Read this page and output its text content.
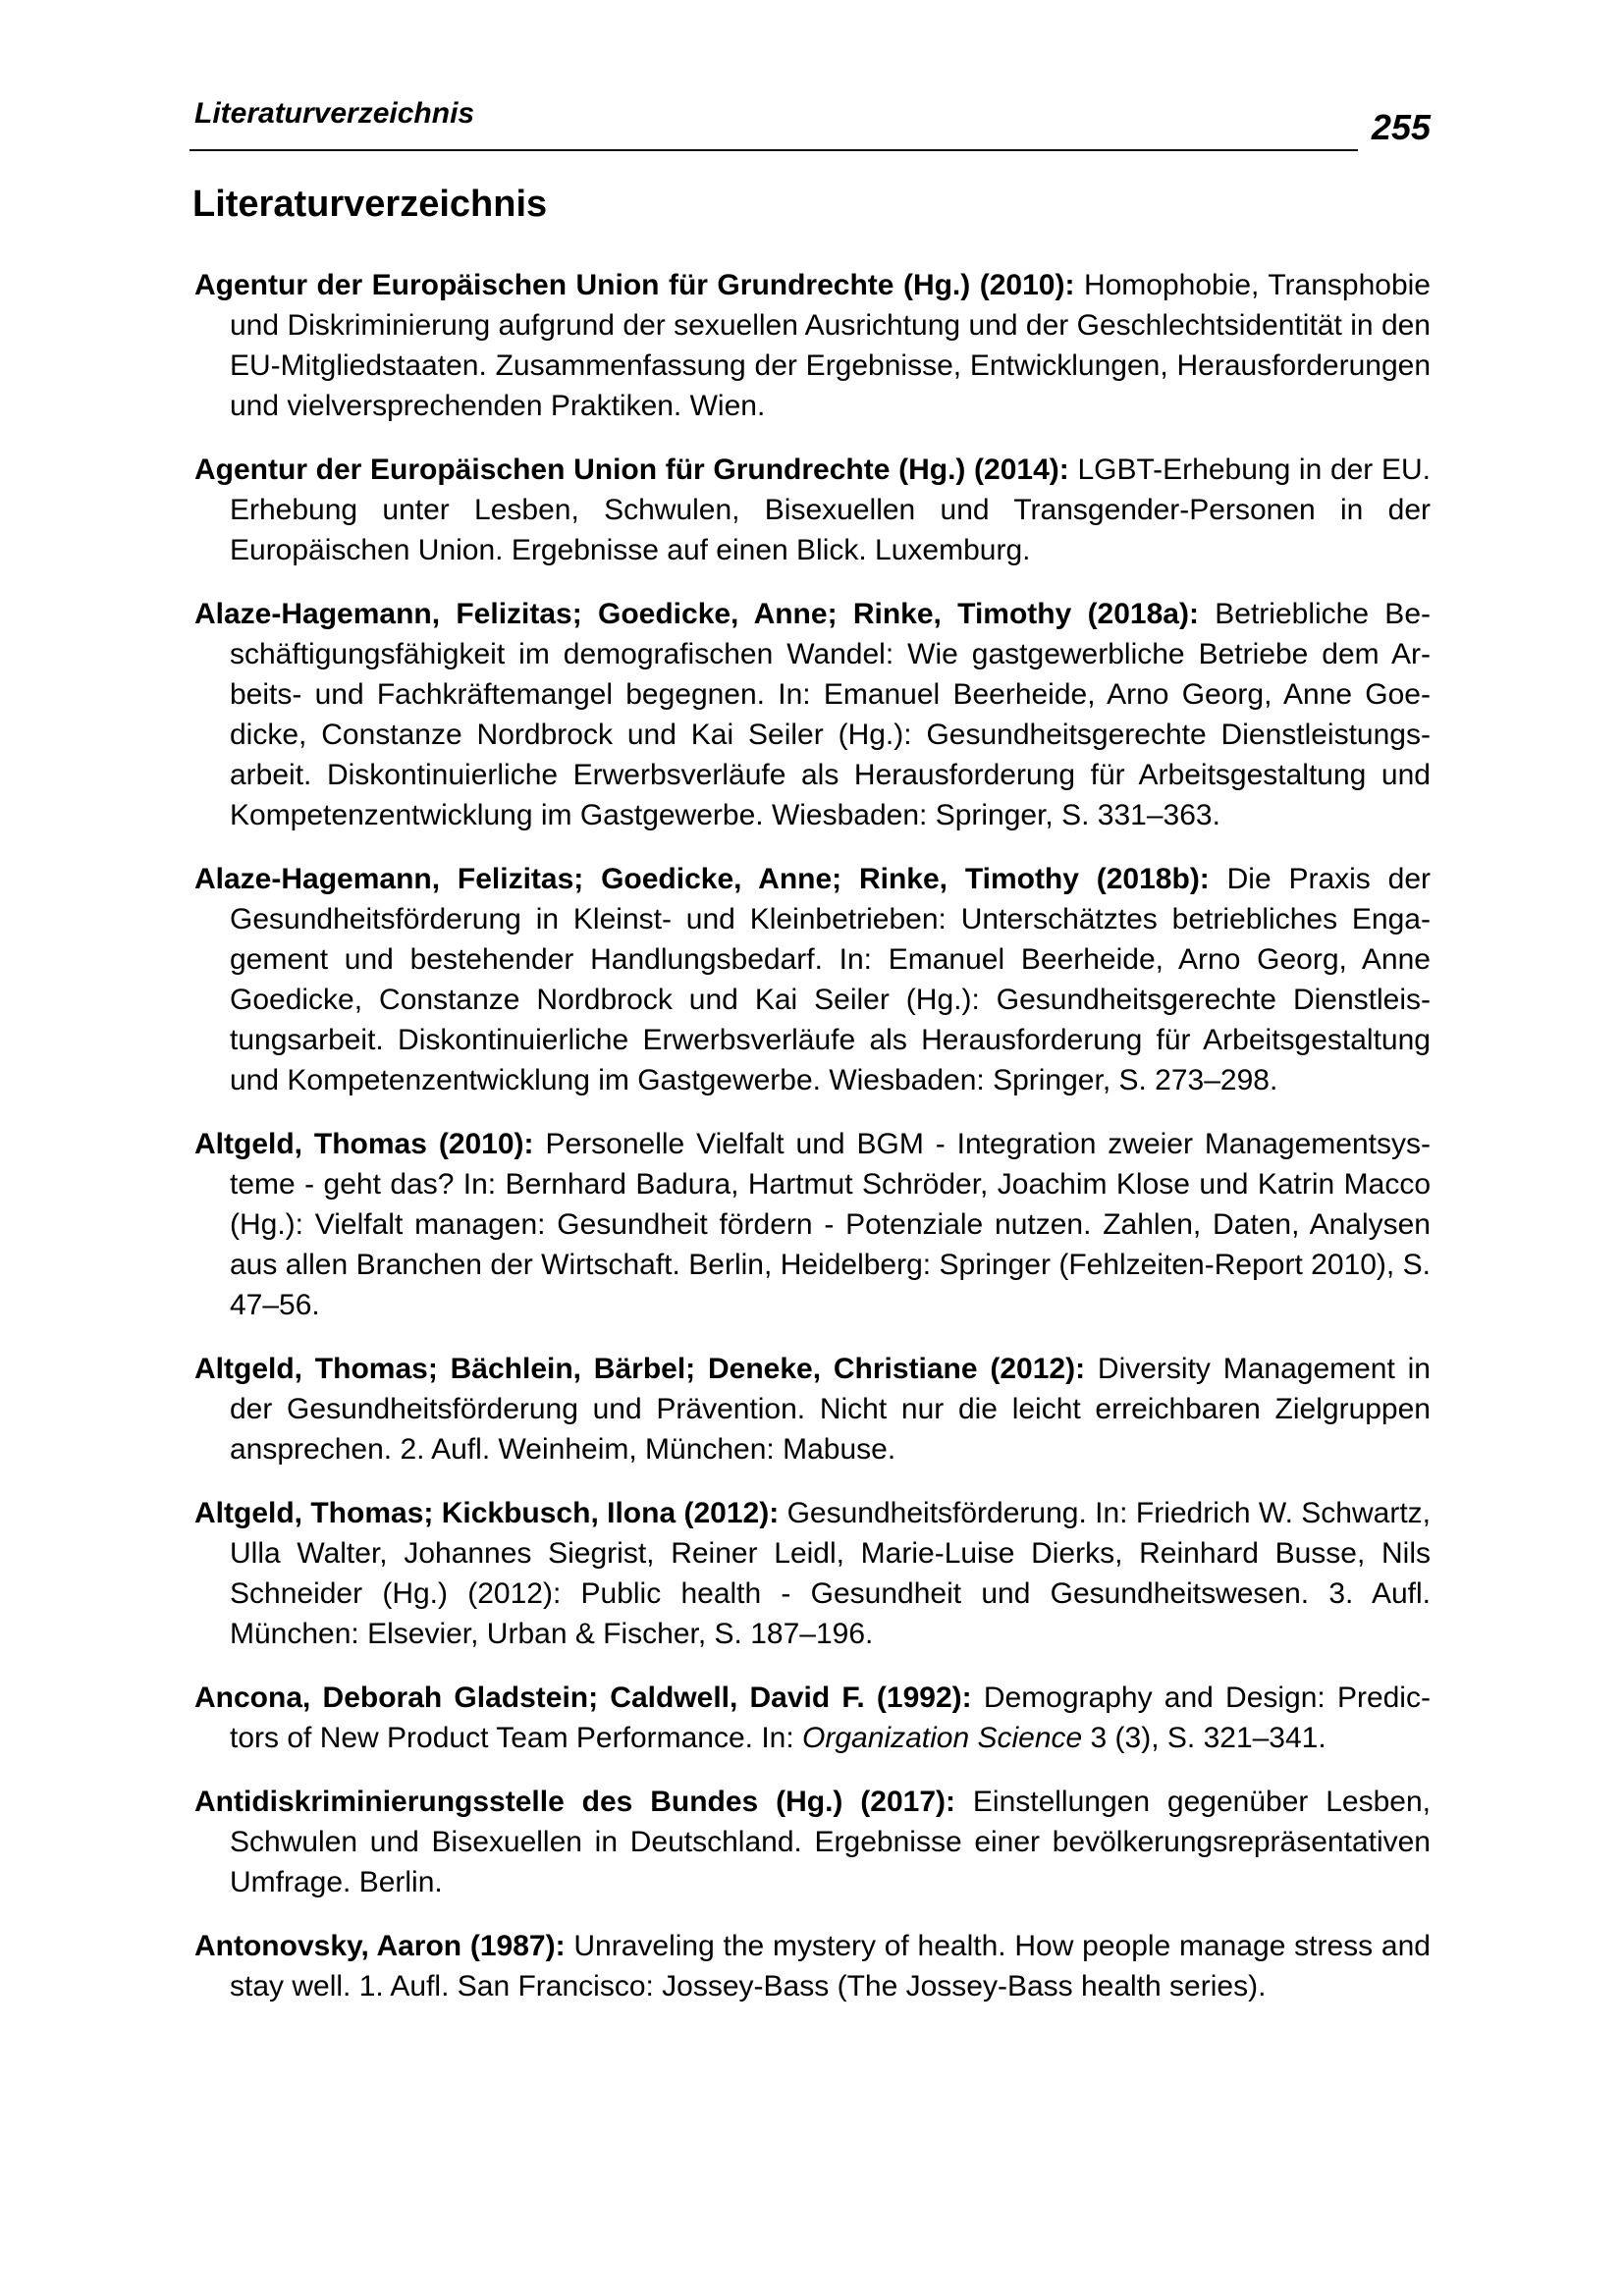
Literaturverzeichnis	255
Literaturverzeichnis

Agentur der Europäischen Union für Grundrechte (Hg.) (2010): Homophobie, Transphobie und Diskriminierung aufgrund der sexuellen Ausrichtung und der Geschlechtsidentität in den EU-Mitgliedstaaten. Zusammenfassung der Ergebnisse, Entwicklungen, Herausforderungen und vielversprechenden Praktiken. Wien.

Agentur der Europäischen Union für Grundrechte (Hg.) (2014): LGBT-Erhebung in der EU. Erhebung unter Lesben, Schwulen, Bisexuellen und Transgender-Personen in der Europäischen Union. Ergebnisse auf einen Blick. Luxemburg.

Alaze-Hagemann, Felizitas; Goedicke, Anne; Rinke, Timothy (2018a): Betriebliche Beschäftigungsfähigkeit im demografischen Wandel: Wie gastgewerbliche Betriebe dem Arbeits- und Fachkräftemangel begegnen. In: Emanuel Beerheide, Arno Georg, Anne Goedicke, Constanze Nordbrock und Kai Seiler (Hg.): Gesundheitsgerechte Dienstleistungsarbeit. Diskontinuierliche Erwerbsverläufe als Herausforderung für Arbeitsgestaltung und Kompetenzentwicklung im Gastgewerbe. Wiesbaden: Springer, S. 331–363.

Alaze-Hagemann, Felizitas; Goedicke, Anne; Rinke, Timothy (2018b): Die Praxis der Gesundheitsförderung in Kleinst- und Kleinbetrieben: Unterschätztes betriebliches Engagement und bestehender Handlungsbedarf. In: Emanuel Beerheide, Arno Georg, Anne Goedicke, Constanze Nordbrock und Kai Seiler (Hg.): Gesundheitsgerechte Dienstleistungsarbeit. Diskontinuierliche Erwerbsverläufe als Herausforderung für Arbeitsgestaltung und Kompetenzentwicklung im Gastgewerbe. Wiesbaden: Springer, S. 273–298.

Altgeld, Thomas (2010): Personelle Vielfalt und BGM - Integration zweier Managementsysteme - geht das? In: Bernhard Badura, Hartmut Schröder, Joachim Klose und Katrin Macco (Hg.): Vielfalt managen: Gesundheit fördern - Potenziale nutzen. Zahlen, Daten, Analysen aus allen Branchen der Wirtschaft. Berlin, Heidelberg: Springer (Fehlzeiten-Report 2010), S. 47–56.

Altgeld, Thomas; Bächlein, Bärbel; Deneke, Christiane (2012): Diversity Management in der Gesundheitsförderung und Prävention. Nicht nur die leicht erreichbaren Zielgruppen ansprechen. 2. Aufl. Weinheim, München: Mabuse.

Altgeld, Thomas; Kickbusch, Ilona (2012): Gesundheitsförderung. In: Friedrich W. Schwartz, Ulla Walter, Johannes Siegrist, Reiner Leidl, Marie-Luise Dierks, Reinhard Busse, Nils Schneider (Hg.) (2012): Public health - Gesundheit und Gesundheitswesen. 3. Aufl. München: Elsevier, Urban & Fischer, S. 187–196.

Ancona, Deborah Gladstein; Caldwell, David F. (1992): Demography and Design: Predictors of New Product Team Performance. In: Organization Science 3 (3), S. 321–341.

Antidiskriminierungsstelle des Bundes (Hg.) (2017): Einstellungen gegenüber Lesben, Schwulen und Bisexuellen in Deutschland. Ergebnisse einer bevölkerungsrepräsentativen Umfrage. Berlin.

Antonovsky, Aaron (1987): Unraveling the mystery of health. How people manage stress and stay well. 1. Aufl. San Francisco: Jossey-Bass (The Jossey-Bass health series).
